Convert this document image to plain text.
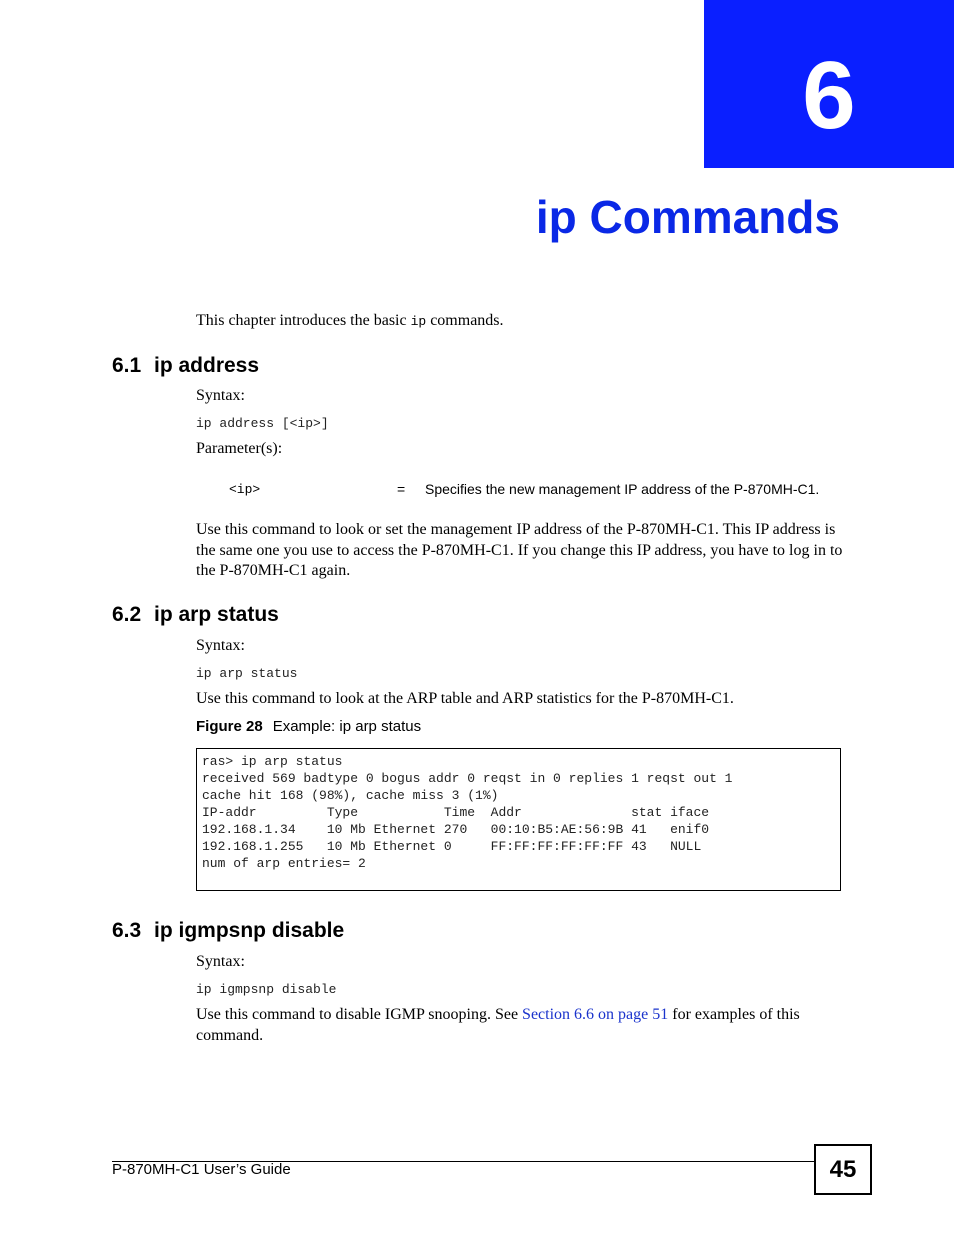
6
ip Commands
This chapter introduces the basic ip commands.
6.1 ip address
Syntax:
ip address [<ip>]
Parameter(s):
<ip>	= Specifies the new management IP address of the P-870MH-C1.
Use this command to look or set the management IP address of the P-870MH-C1. This IP address is the same one you use to access the P-870MH-C1. If you change this IP address, you have to log in to the P-870MH-C1 again.
6.2 ip arp status
Syntax:
ip arp status
Use this command to look at the ARP table and ARP statistics for the P-870MH-C1.
Figure 28 Example: ip arp status
ras> ip arp status
received 569 badtype 0 bogus addr 0 reqst in 0 replies 1 reqst out 1
cache hit 168 (98%), cache miss 3 (1%)
IP-addr         Type           Time  Addr              stat iface
192.168.1.34    10 Mb Ethernet 270   00:10:B5:AE:56:9B 41   enif0
192.168.1.255   10 Mb Ethernet 0     FF:FF:FF:FF:FF:FF 43   NULL
num of arp entries= 2
6.3 ip igmpsnp disable
Syntax:
ip igmpsnp disable
Use this command to disable IGMP snooping. See Section 6.6 on page 51 for examples of this command.
P-870MH-C1 User’s Guide	45
